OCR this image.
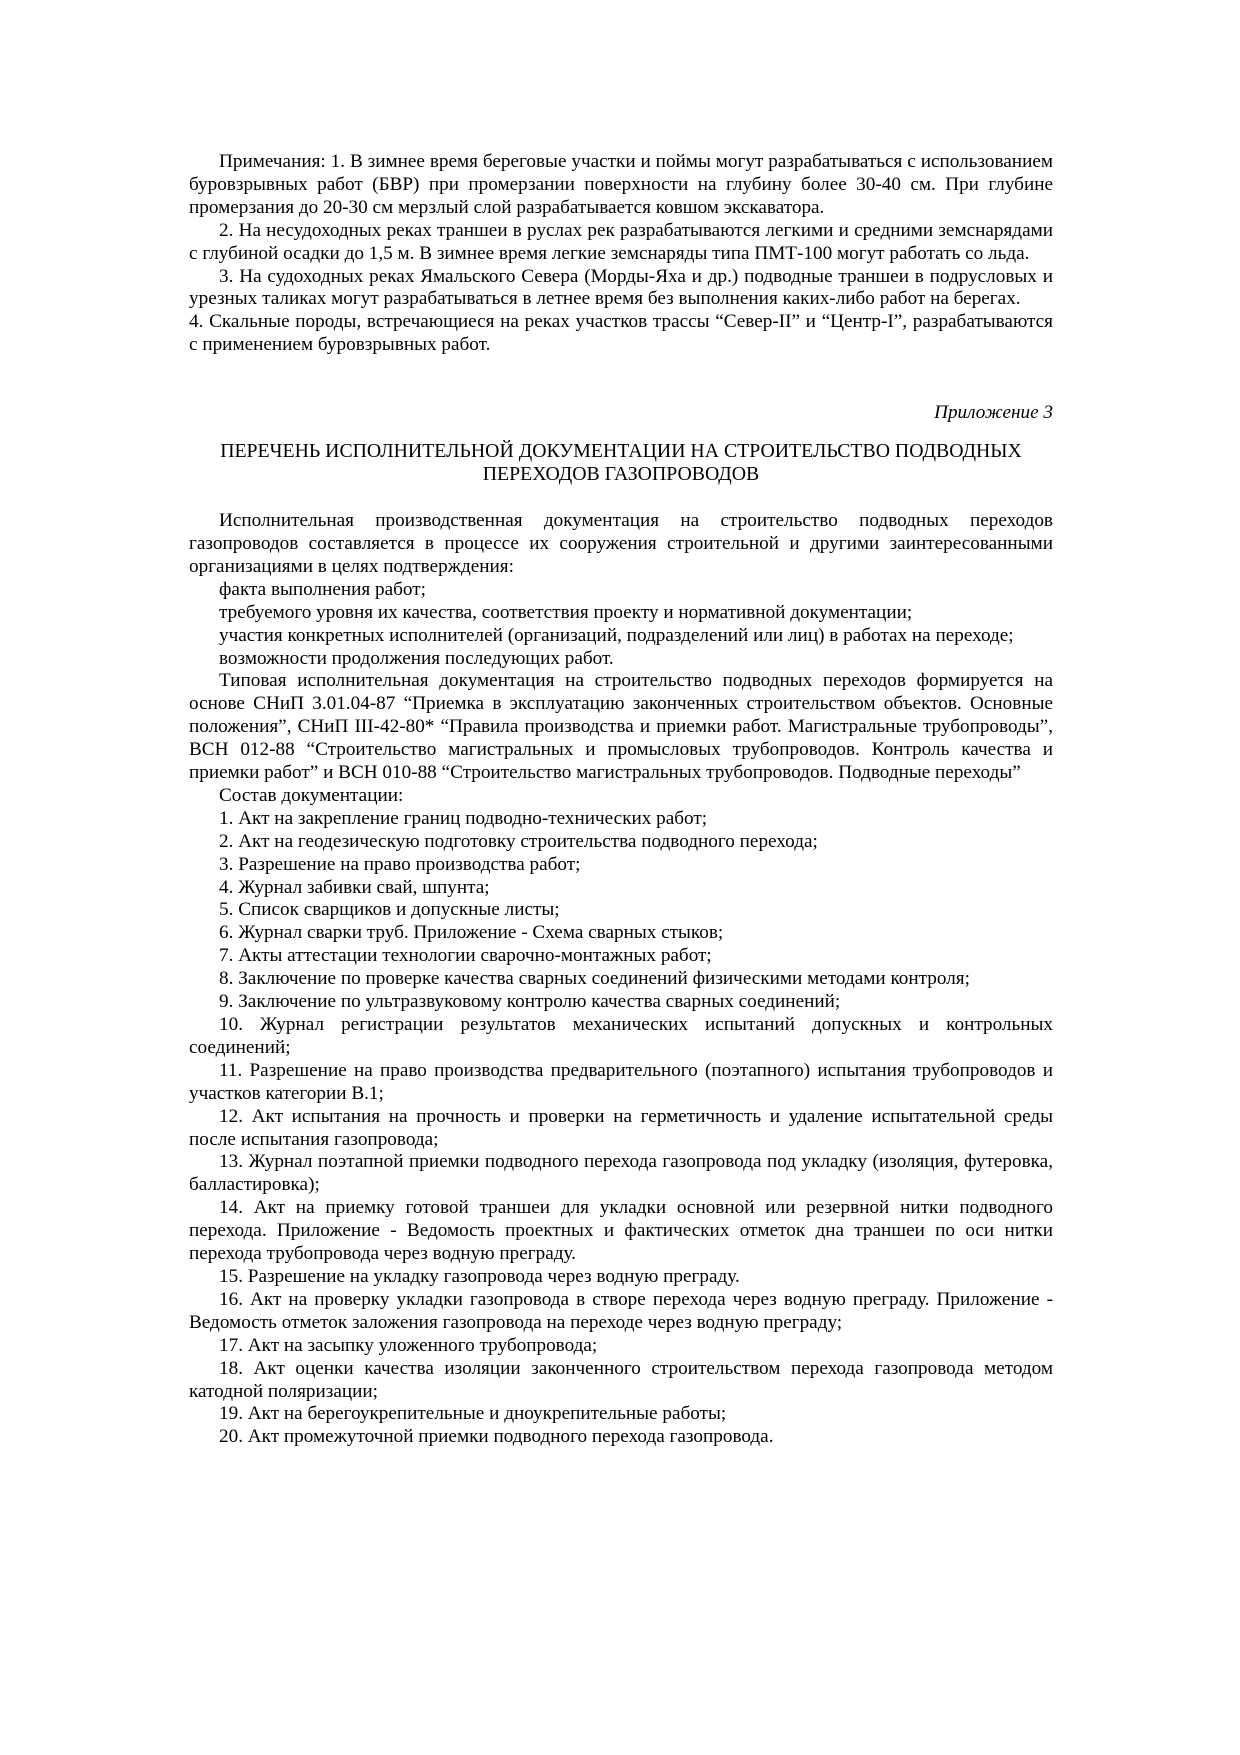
Примечания: 1. В зимнее время береговые участки и поймы могут разрабатываться с использованием буровзрывных работ (БВР) при промерзании поверхности на глубину более 30-40 см. При глубине промерзания до 20-30 см мерзлый слой разрабатывается ковшом экскаватора.

2. На несудоходных реках траншеи в руслах рек разрабатываются легкими и средними земснарядами с глубиной осадки до 1,5 м. В зимнее время легкие земснаряды типа ПМТ-100 могут работать со льда.

3. На судоходных реках Ямальского Севера (Морды-Яха и др.) подводные траншеи в подрусловых и урезных таликах могут разрабатываться в летнее время без выполнения каких-либо работ на берегах.

4. Скальные породы, встречающиеся на реках участков трассы “Север-II” и “Центр-I”, разрабатываются с применением буровзрывных работ.

Приложение 3

ПЕРЕЧЕНЬ ИСПОЛНИТЕЛЬНОЙ ДОКУМЕНТАЦИИ НА СТРОИТЕЛЬСТВО ПОДВОДНЫХ ПЕРЕХОДОВ ГАЗОПРОВОДОВ

Исполнительная производственная документация на строительство подводных переходов газопроводов составляется в процессе их сооружения строительной и другими заинтересованными организациями в целях подтверждения:

факта выполнения работ;

требуемого уровня их качества, соответствия проекту и нормативной документации;

участия конкретных исполнителей (организаций, подразделений или лиц) в работах на переходе;

возможности продолжения последующих работ.

Типовая исполнительная документация на строительство подводных переходов формируется на основе СНиП 3.01.04-87 “Приемка в эксплуатацию законченных строительством объектов. Основные положения”, СНиП III-42-80* “Правила производства и приемки работ. Магистральные трубопроводы”, ВСН 012-88 “Строительство магистральных и промысловых трубопроводов. Контроль качества и приемки работ” и ВСН 010-88 “Строительство магистральных трубопроводов. Подводные переходы”

Состав документации:

1. Акт на закрепление границ подводно-технических работ;

2. Акт на геодезическую подготовку строительства подводного перехода;

3. Разрешение на право производства работ;

4. Журнал забивки свай, шпунта;

5. Список сварщиков и допускные листы;

6. Журнал сварки труб. Приложение - Схема сварных стыков;

7. Акты аттестации технологии сварочно-монтажных работ;

8. Заключение по проверке качества сварных соединений физическими методами контроля;

9. Заключение по ультразвуковому контролю качества сварных соединений;

10. Журнал регистрации результатов механических испытаний допускных и контрольных соединений;

11. Разрешение на право производства предварительного (поэтапного) испытания трубопроводов и участков категории В.1;

12. Акт испытания на прочность и проверки на герметичность и удаление испытательной среды после испытания газопровода;

13. Журнал поэтапной приемки подводного перехода газопровода под укладку (изоляция, футеровка, балластировка);

14. Акт на приемку готовой траншеи для укладки основной или резервной нитки подводного перехода. Приложение - Ведомость проектных и фактических отметок дна траншеи по оси нитки перехода трубопровода через водную преграду.

15. Разрешение на укладку газопровода через водную преграду.

16. Акт на проверку укладки газопровода в створе перехода через водную преграду. Приложение - Ведомость отметок заложения газопровода на переходе через водную преграду;

17. Акт на засыпку уложенного трубопровода;

18. Акт оценки качества изоляции законченного строительством перехода газопровода методом катодной поляризации;

19. Акт на берегоукрепительные и дноукрепительные работы;

20. Акт промежуточной приемки подводного перехода газопровода.
